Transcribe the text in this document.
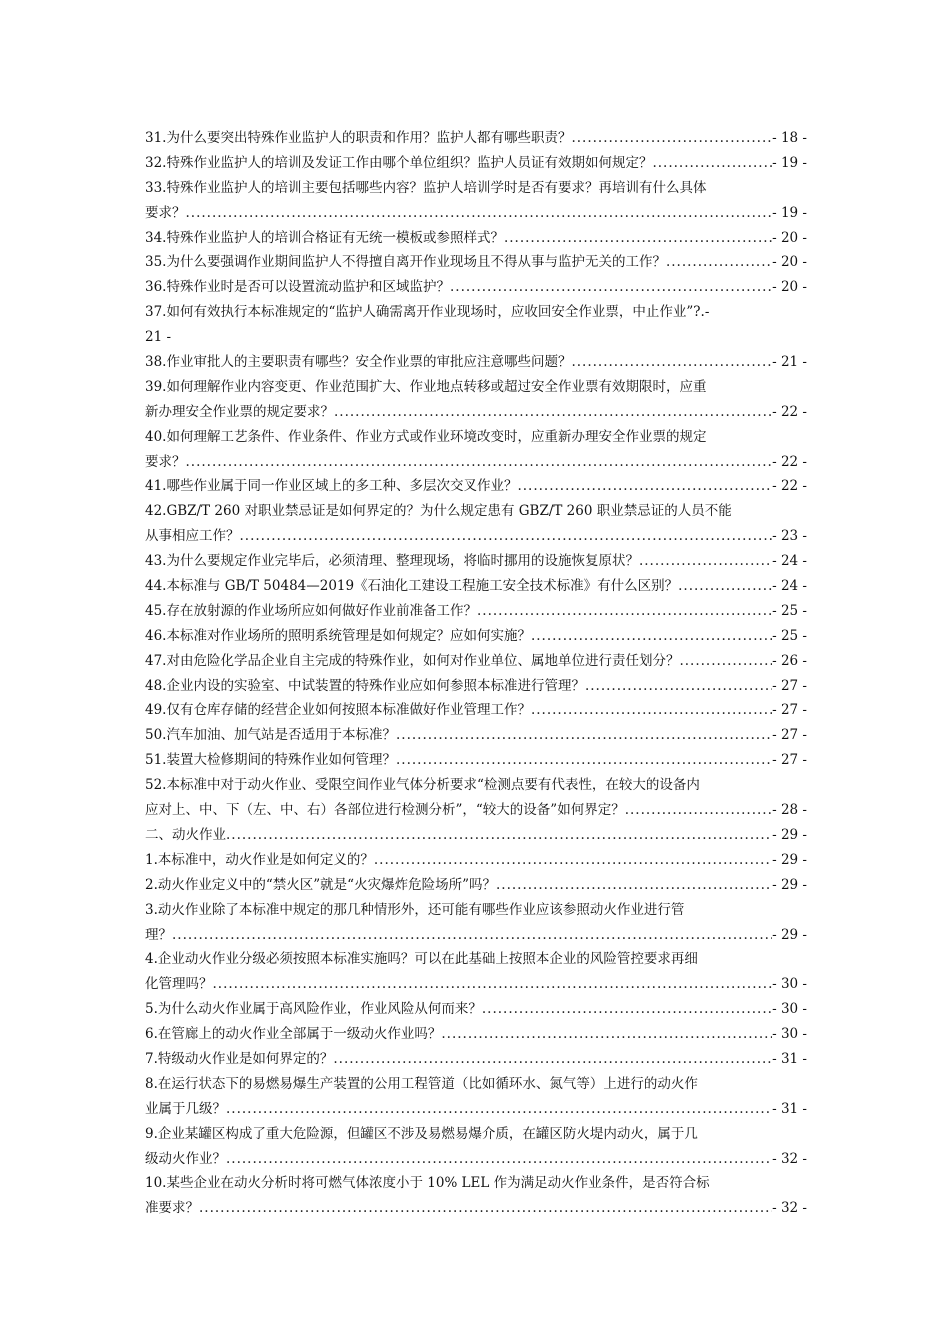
31.为什么要突出特殊作业监护人的职责和作用？监护人都有哪些职责？ .....	- 18 -
32.特殊作业监护人的培训及发证工作由哪个单位组织？监护人员证有效期如何规定？ .....	- 19 -
33.特殊作业监护人的培训主要包括哪些内容？监护人培训学时是否有要求？再培训有什么具体
要求？ .....	- 19 -
34.特殊作业监护人的培训合格证有无统一模板或参照样式？ .....	- 20 -
35.为什么要强调作业期间监护人不得擅自离开作业现场且不得从事与监护无关的工作？ .....	- 20 -
36.特殊作业时是否可以设置流动监护和区域监护？ .....	- 20 -
37.如何有效执行本标准规定的“监护人确需离开作业现场时，应收回安全作业票，中止作业”?. -
21 -
38.作业审批人的主要职责有哪些？安全作业票的审批应注意哪些问题？ .....	- 21 -
39.如何理解作业内容变更、作业范围扩大、作业地点转移或超过安全作业票有效期限时，应重
新办理安全作业票的规定要求？ .....	- 22 -
40.如何理解工艺条件、作业条件、作业方式或作业环境改变时，应重新办理安全作业票的规定
要求？ .....	- 22 -
41.哪些作业属于同一作业区域上的多工种、多层次交叉作业？ .....	- 22 -
42.GBZ/T 260 对职业禁忌证是如何界定的？为什么规定患有 GBZ/T 260 职业禁忌证的人员不能
从事相应工作？ .....	- 23 -
43.为什么要规定作业完毕后，必须清理、整理现场，将临时挪用的设施恢复原状？ .....	- 24 -
44.本标准与 GB/T 50484—2019《石油化工建设工程施工安全技术标准》有什么区别？ .....	- 24 -
45.存在放射源的作业场所应如何做好作业前准备工作？ .....	- 25 -
46.本标准对作业场所的照明系统管理是如何规定？应如何实施？ .....	- 25 -
47.对由危险化学品企业自主完成的特殊作业，如何对作业单位、属地单位进行责任划分？ .....	- 26 -
48.企业内设的实验室、中试装置的特殊作业应如何参照本标准进行管理？ .....	- 27 -
49.仅有仓库存储的经营企业如何按照本标准做好作业管理工作？ .....	- 27 -
50.汽车加油、加气站是否适用于本标准？ .....	- 27 -
51.装置大检修期间的特殊作业如何管理？ .....	- 27 -
52.本标准中对于动火作业、受限空间作业气体分析要求“检测点要有代表性，在较大的设备内
应对上、中、下（左、中、右）各部位进行检测分析”，“较大的设备”如何界定？ .....	- 28 -
二、动火作业 .....	- 29 -
1.本标准中，动火作业是如何定义的？ .....	- 29 -
2.动火作业定义中的“禁火区”就是“火灾爆炸危险场所”吗？ .....	- 29 -
3.动火作业除了本标准中规定的那几种情形外，还可能有哪些作业应该参照动火作业进行管
理？ .....	- 29 -
4.企业动火作业分级必须按照本标准实施吗？可以在此基础上按照本企业的风险管控要求再细
化管理吗？ .....	- 30 -
5.为什么动火作业属于高风险作业，作业风险从何而来？ .....	- 30 -
6.在管廊上的动火作业全部属于一级动火作业吗？ .....	- 30 -
7.特级动火作业是如何界定的？ .....	- 31 -
8.在运行状态下的易燃易爆生产装置的公用工程管道（比如循环水、氮气等）上进行的动火作
业属于几级？ .....	- 31 -
9.企业某罐区构成了重大危险源，但罐区不涉及易燃易爆介质，在罐区防火堤内动火，属于几
级动火作业？ .....	- 32 -
10.某些企业在动火分析时将可燃气体浓度小于 10% LEL 作为满足动火作业条件，是否符合标
准要求？ .....	- 32 -
